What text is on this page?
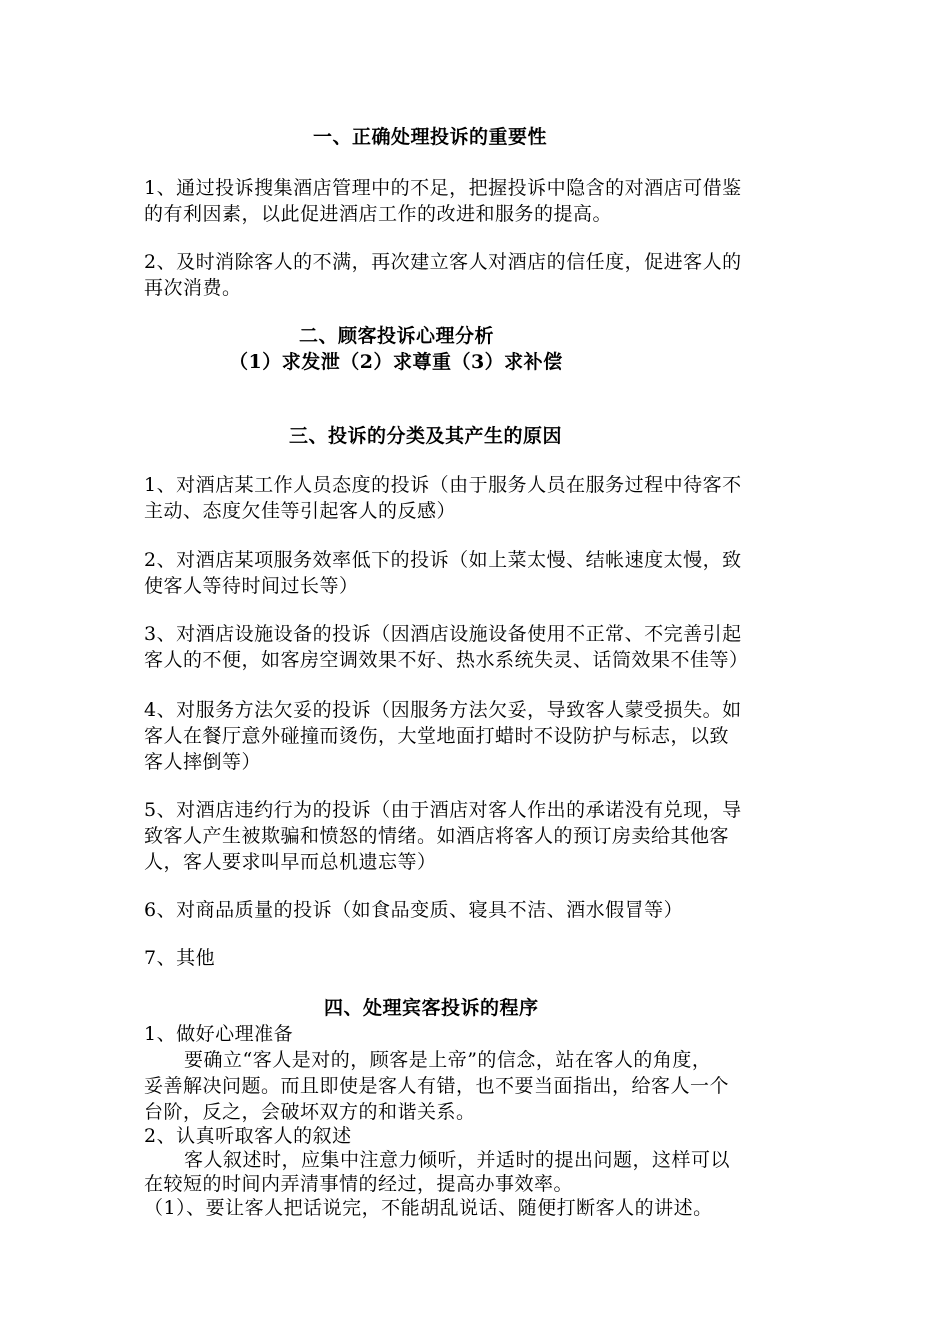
一、正确处理投诉的重要性
1、通过投诉搜集酒店管理中的不足，把握投诉中隐含的对酒店可借鉴
的有利因素，以此促进酒店工作的改进和服务的提高。
2、及时消除客人的不满，再次建立客人对酒店的信任度，促进客人的
再次消费。
二、顾客投诉心理分析
（1）求发泄（2）求尊重（3）求补偿
三、投诉的分类及其产生的原因
1、对酒店某工作人员态度的投诉（由于服务人员在服务过程中待客不
主动、态度欠佳等引起客人的反感）
2、对酒店某项服务效率低下的投诉（如上菜太慢、结帐速度太慢，致
使客人等待时间过长等）
3、对酒店设施设备的投诉（因酒店设施设备使用不正常、不完善引起
客人的不便，如客房空调效果不好、热水系统失灵、话筒效果不佳等）
4、对服务方法欠妥的投诉（因服务方法欠妥，导致客人蒙受损失。如
客人在餐厅意外碰撞而烫伤，大堂地面打蜡时不设防护与标志，以致
客人摔倒等）
5、对酒店违约行为的投诉（由于酒店对客人作出的承诺没有兑现，导
致客人产生被欺骗和愤怒的情绪。如酒店将客人的预订房卖给其他客
人，客人要求叫早而总机遗忘等）
6、对商品质量的投诉（如食品变质、寝具不洁、酒水假冒等）
7、其他
四、处理宾客投诉的程序
1、做好心理准备
要确立“客人是对的，顾客是上帝”的信念，站在客人的角度，
妥善解决问题。而且即使是客人有错，也不要当面指出，给客人一个
台阶，反之，会破坏双方的和谐关系。
2、认真听取客人的叙述
客人叙述时，应集中注意力倾听，并适时的提出问题，这样可以
在较短的时间内弄清事情的经过，提高办事效率。
（1）、要让客人把话说完，不能胡乱说话、随便打断客人的讲述。
